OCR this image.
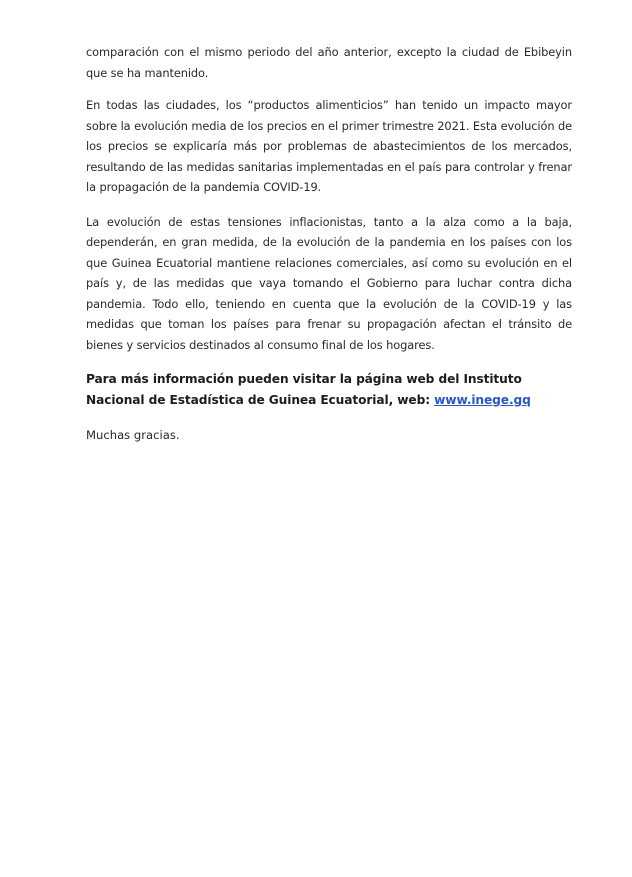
comparación con el mismo periodo del año anterior, excepto la ciudad de Ebibeyin que se ha mantenido.

En todas las ciudades, los “productos alimenticios” han tenido un impacto mayor sobre la evolución media de los precios en el primer trimestre 2021. Esta evolución de los precios se explicaría más por problemas de abastecimientos de los mercados, resultando de las medidas sanitarias implementadas en el país para controlar y frenar la propagación de la pandemia COVID-19.

La evolución de estas tensiones inflacionistas, tanto a la alza como a la baja, dependerán, en gran medida, de la evolución de la pandemia en los países con los que Guinea Ecuatorial mantiene relaciones comerciales, así como su evolución en el país y, de las medidas que vaya tomando el Gobierno para luchar contra dicha pandemia. Todo ello, teniendo en cuenta que la evolución de la COVID-19 y las medidas que toman los países para frenar su propagación afectan el tránsito de bienes y servicios destinados al consumo final de los hogares.

Para más información pueden visitar la página web del Instituto Nacional de Estadística de Guinea Ecuatorial, web: www.inege.gq

Muchas gracias.
